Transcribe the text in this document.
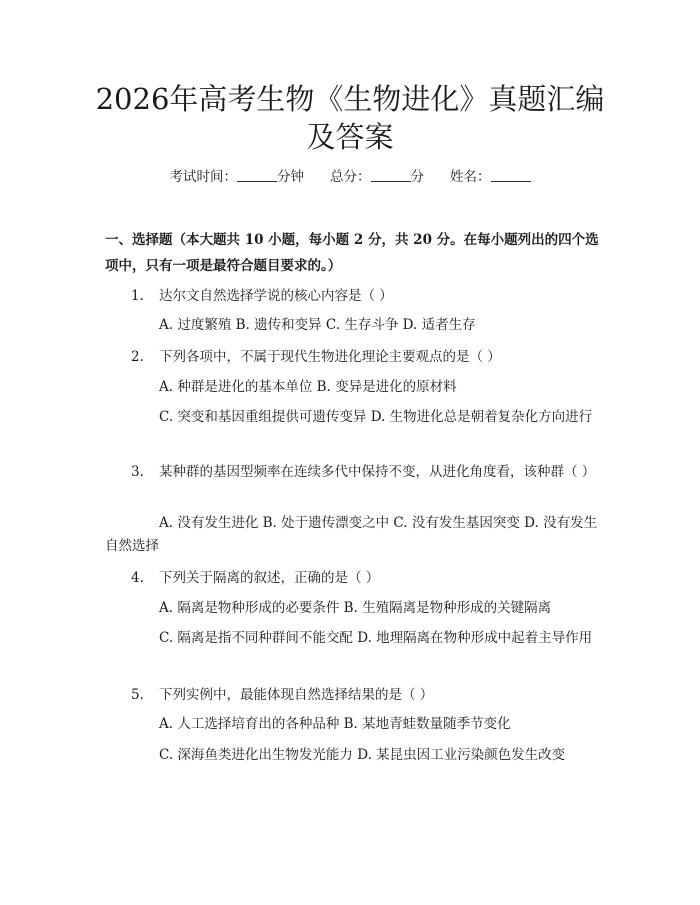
2026年高考生物《生物进化》真题汇编及答案
考试时间：	分钟 总分：	分 姓名：
一、选择题（本大题共 10 小题，每小题 2 分，共 20 分。在每小题列出的四个选项中，只有一项是最符合题目要求的。）
1. 达尔文自然选择学说的核心内容是（ ）
A. 过度繁殖 B. 遗传和变异 C. 生存斗争 D. 适者生存
2. 下列各项中，不属于现代生物进化理论主要观点的是（ ）
A. 种群是进化的基本单位 B. 变异是进化的原材料
C. 突变和基因重组提供可遗传变异 D. 生物进化总是朝着复杂化方向进行
3. 某种群的基因型频率在连续多代中保持不变，从进化角度看，该种群（ ）
A. 没有发生进化 B. 处于遗传漂变之中 C. 没有发生基因突变 D. 没有发生自然选择
4. 下列关于隔离的叙述，正确的是（ ）
A. 隔离是物种形成的必要条件 B. 生殖隔离是物种形成的关键隔离
C. 隔离是指不同种群间不能交配 D. 地理隔离在物种形成中起着主导作用
5. 下列实例中，最能体现自然选择结果的是（ ）
A. 人工选择培育出的各种品种 B. 某地青蛙数量随季节变化
C. 深海鱼类进化出生物发光能力 D. 某昆虫因工业污染颜色发生改变
